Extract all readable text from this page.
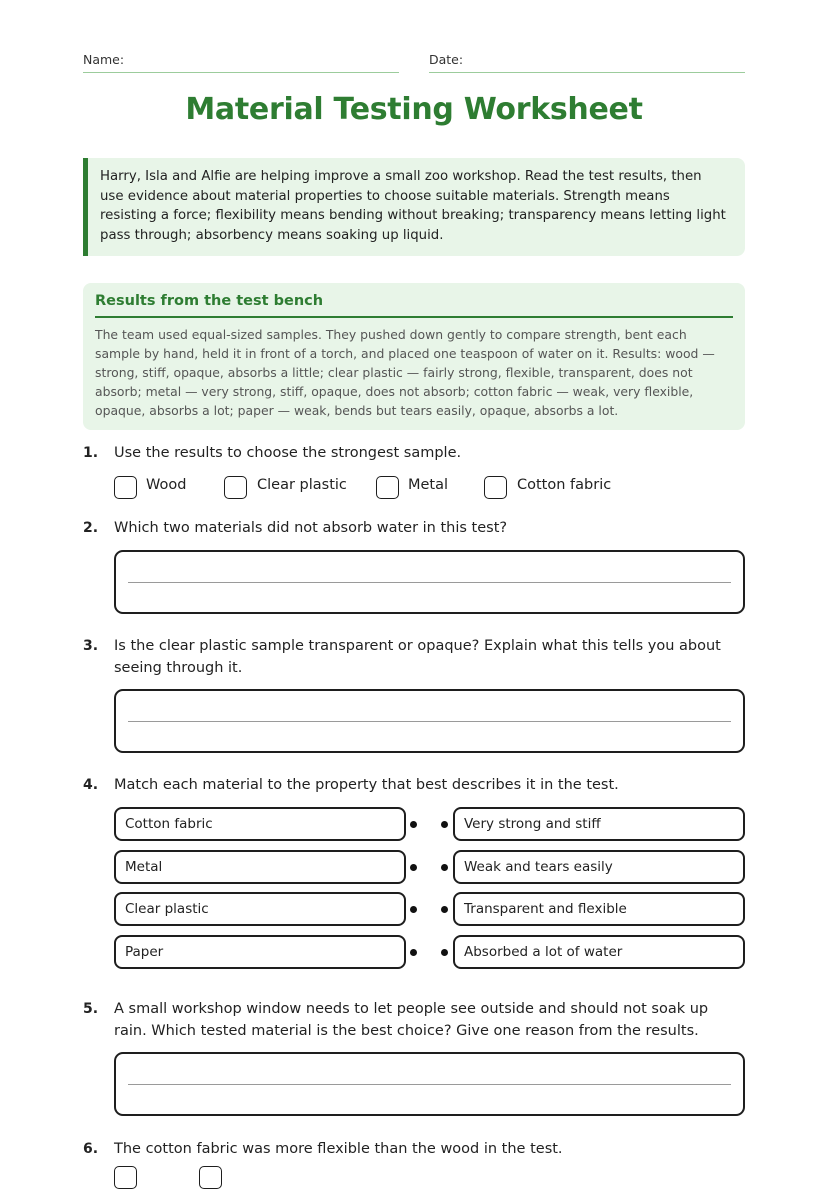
Name:	Date:
Material Testing Worksheet
Harry, Isla and Alfie are helping improve a small zoo workshop. Read the test results, then use evidence about material properties to choose suitable materials. Strength means resisting a force; flexibility means bending without breaking; transparency means letting light pass through; absorbency means soaking up liquid.
Results from the test bench
The team used equal-sized samples. They pushed down gently to compare strength, bent each sample by hand, held it in front of a torch, and placed one teaspoon of water on it. Results: wood — strong, stiff, opaque, absorbs a little; clear plastic — fairly strong, flexible, transparent, does not absorb; metal — very strong, stiff, opaque, does not absorb; cotton fabric — weak, very flexible, opaque, absorbs a lot; paper — weak, bends but tears easily, opaque, absorbs a lot.
1. Use the results to choose the strongest sample.
Wood	Clear plastic	Metal	Cotton fabric
2. Which two materials did not absorb water in this test?
3. Is the clear plastic sample transparent or opaque? Explain what this tells you about seeing through it.
4. Match each material to the property that best describes it in the test.
Cotton fabric	Very strong and stiff
Metal	Weak and tears easily
Clear plastic	Transparent and flexible
Paper	Absorbed a lot of water
5. A small workshop window needs to let people see outside and should not soak up rain. Which tested material is the best choice? Give one reason from the results.
6. The cotton fabric was more flexible than the wood in the test.
